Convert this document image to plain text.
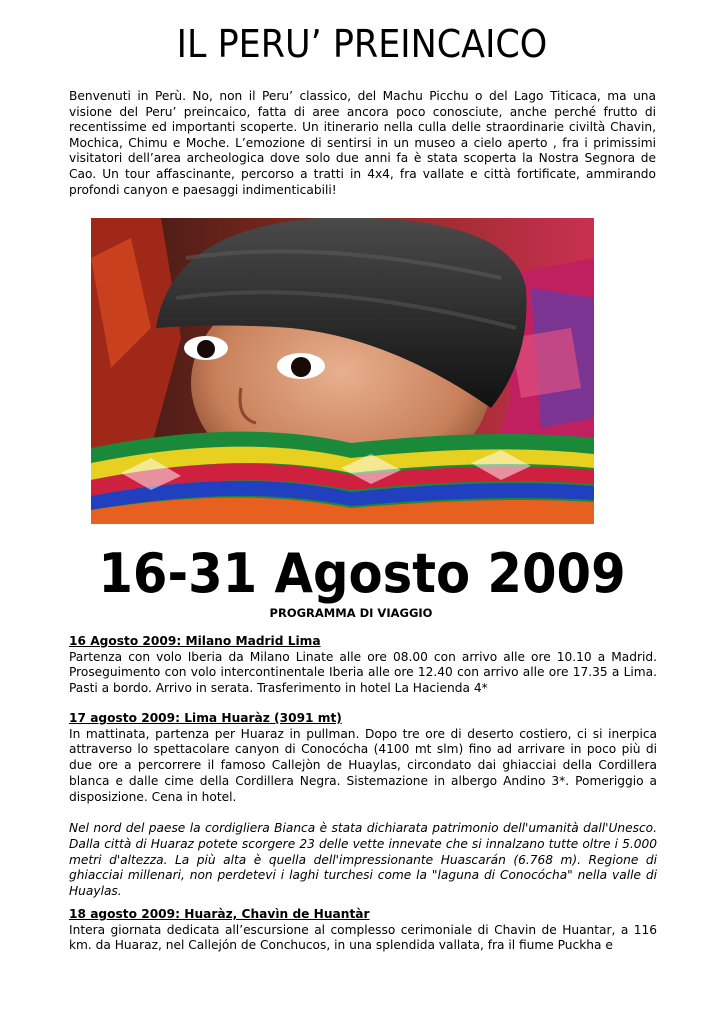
IL PERU’ PREINCAICO

Benvenuti in Perù. No, non il Peru’ classico, del Machu Picchu o del Lago Titicaca, ma una visione del Peru’ preincaico, fatta di aree ancora poco conosciute, anche perché frutto di recentissime ed importanti scoperte. Un itinerario nella culla delle straordinarie civiltà Chavin, Mochica, Chimu e Moche. L’emozione di sentirsi in un museo a cielo aperto , fra i primissimi visitatori dell’area archeologica dove solo due anni fa è stata scoperta la Nostra Segnora de Cao. Un tour affascinante, percorso a tratti in 4x4, fra vallate e città fortificate, ammirando profondi canyon e paesaggi indimenticabili!

16-31 Agosto 2009
PROGRAMMA DI VIAGGIO
16 Agosto 2009: Milano Madrid Lima

Partenza con volo Iberia da Milano Linate alle ore 08.00 con arrivo alle ore 10.10 a Madrid. Proseguimento con volo intercontinentale Iberia alle ore 12.40 con arrivo alle ore 17.35 a Lima. Pasti a bordo. Arrivo in serata. Trasferimento in hotel La Hacienda 4*

17 agosto 2009: Lima Huaràz (3091 mt)

In mattinata, partenza per Huaraz in pullman. Dopo tre ore di deserto costiero, ci si inerpica attraverso lo spettacolare canyon di Conocócha (4100 mt slm) fino ad arrivare in poco più di due ore a percorrere il famoso Callejòn de Huaylas, circondato dai ghiacciai della Cordillera blanca e dalle cime della Cordillera Negra. Sistemazione in albergo Andino 3*. Pomeriggio a disposizione. Cena in hotel.

Nel nord del paese la cordigliera Bianca è stata dichiarata patrimonio dell'umanità dall'Unesco. Dalla città di Huaraz potete scorgere 23 delle vette innevate che si innalzano tutte oltre i 5.000 metri d'altezza. La più alta è quella dell'impressionante Huascarán (6.768 m). Regione di ghiacciai millenari, non perdetevi i laghi turchesi come la "laguna di Conocócha" nella valle di Huaylas.

18 agosto 2009: Huaràz, Chavìn de Huantàr

Intera giornata dedicata all’escursione al complesso cerimoniale di Chavin de Huantar, a 116 km. da Huaraz, nel Callejón de Conchucos, in una splendida vallata, fra il fiume Puckha e
